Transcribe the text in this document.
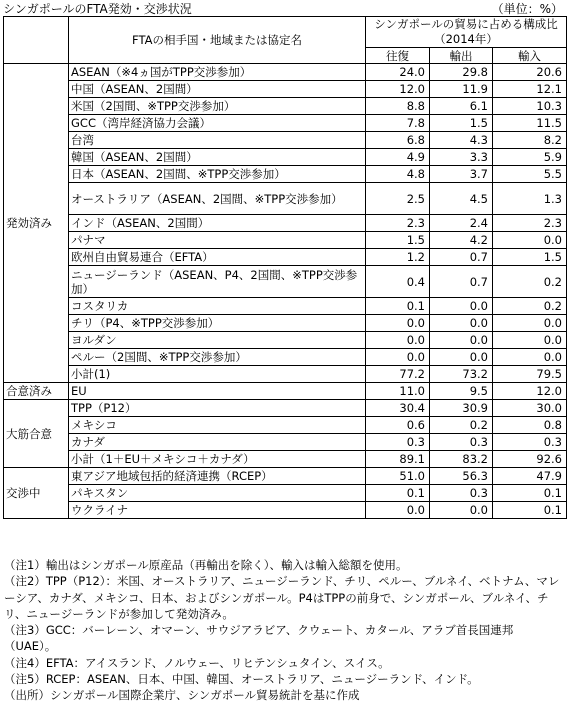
シンガポールのFTA発効・交渉状況	（単位：%）
	FTAの相手国・地域または協定名	シンガポールの貿易に占める構成比
（2014年）		

		往復	輸出	輸入
発効済み	ASEAN（※4ヵ国がTPP交渉参加）	24.0	29.8	20.6
	中国（ASEAN、2国間）	12.0	11.9	12.1
	米国（2国間、※TPP交渉参加）	8.8	6.1	10.3
	GCC（湾岸経済協力会議）	7.8	1.5	11.5
	台湾	6.8	4.3	8.2
	韓国（ASEAN、2国間）	4.9	3.3	5.9
	日本（ASEAN、2国間、※TPP交渉参加）	4.8	3.7	5.5
	オーストラリア（ASEAN、2国間、※TPP交渉参加）	2.5	4.5	1.3
	インド（ASEAN、2国間）	2.3	2.4	2.3
	パナマ	1.5	4.2	0.0
	欧州自由貿易連合（EFTA）	1.2	0.7	1.5
	ニュージーランド（ASEAN、P4、2国間、※TPP交渉参加）	0.4	0.7	0.2
	コスタリカ	0.1	0.0	0.2
	チリ（P4、※TPP交渉参加）	0.0	0.0	0.0
	ヨルダン	0.0	0.0	0.0
	ペルー（2国間、※TPP交渉参加）	0.0	0.0	0.0
	小計(1)	77.2	73.2	79.5
合意済み	EU	11.0	9.5	12.0
大筋合意	TPP（P12）	30.4	30.9	30.0
	メキシコ	0.6	0.2	0.8
	カナダ	0.3	0.3	0.3
	小計（1＋EU＋メキシコ＋カナダ）	89.1	83.2	92.6
交渉中	東アジア地域包括的経済連携（RCEP）	51.0	56.3	47.9
	パキスタン	0.1	0.3	0.1
	ウクライナ	0.0	0.0	0.1

（注1）輸出はシンガポール原産品（再輸出を除く）、輸入は輸入総額を使用。

（注2）TPP（P12）：米国、オーストラリア、ニュージーランド、チリ、ペルー、ブルネイ、ベトナム、マレーシア、カナダ、メキシコ、日本、およびシンガポール。P4はTPPの前身で、シンガポール、ブルネイ、チリ、ニュージーランドが参加して発効済み。

（注3）GCC：バーレーン、オマーン、サウジアラビア、クウェート、カタール、アラブ首長国連邦（UAE）。

（注4）EFTA：アイスランド、ノルウェー、リヒテンシュタイン、スイス。

（注5）RCEP：ASEAN、日本、中国、韓国、オーストラリア、ニュージーランド、インド。

（出所）シンガポール国際企業庁、シンガポール貿易統計を基に作成
